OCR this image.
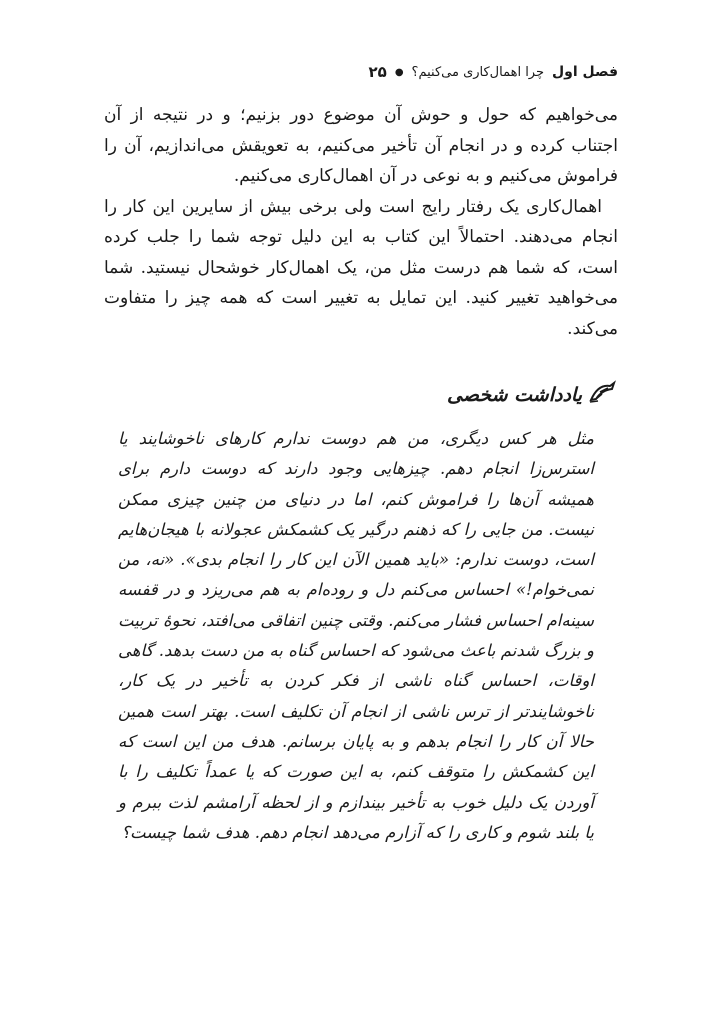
فصل اول
چرا اهمال‌کاری می‌کنیم؟
●
۲۵

می‌خواهیم که حول و حوش آن موضوع دور بزنیم؛ و در نتیجه از آن اجتناب کرده و در انجام آن تأخیر می‌کنیم، به تعویقش می‌اندازیم، آن را فراموش می‌کنیم و به نوعی در آن اهمال‌کاری می‌کنیم.

اهمال‌کاری یک رفتار رایج است ولی برخی بیش از سایرین این کار را انجام می‌دهند. احتمالاً این کتاب به این دلیل توجه شما را جلب کرده است، که شما هم درست مثل من، یک اهمال‌کار خوشحال نیستید. شما می‌خواهید تغییر کنید. این تمایل به تغییر است که همه چیز را متفاوت می‌کند.

یادداشت شخصی

مثل هر کس دیگری، من هم دوست ندارم کارهای ناخوشایند یا استرس‌زا انجام دهم. چیزهایی وجود دارند که دوست دارم برای همیشه آن‌ها را فراموش کنم، اما در دنیای من چنین چیزی ممکن نیست. من جایی را که ذهنم درگیر یک کشمکش عجولانه با هیجان‌هایم است، دوست ندارم: «باید همین الآن این کار را انجام بدی». «نه، من نمی‌خوام!» احساس می‌کنم دل و روده‌ام به هم می‌ریزد و در قفسه سینه‌ام احساس فشار می‌کنم. وقتی چنین اتفاقی می‌افتد، نحوهٔ تربیت و بزرگ شدنم باعث می‌شود که احساس گناه به من دست بدهد. گاهی اوقات، احساس گناه ناشی از فکر کردن به تأخیر در یک کار، ناخوشایندتر از ترس ناشی از انجام آن تکلیف است. بهتر است همین حالا آن کار را انجام بدهم و به پایان برسانم. هدف من این است که این کشمکش را متوقف کنم، به این صورت که یا عمداً تکلیف را با آوردن یک دلیل خوب به تأخیر بیندازم و از لحظه آرامشم لذت ببرم و یا بلند شوم و کاری را که آزارم می‌دهد انجام دهم. هدف شما چیست؟
